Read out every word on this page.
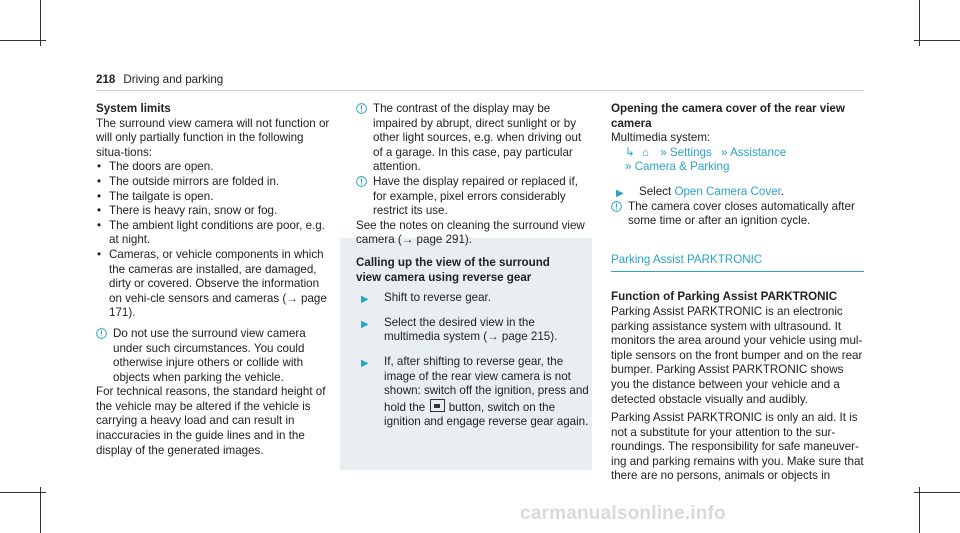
218 Driving and parking
System limits

The surround view camera will not function or will only partially function in the following situa-tions:

• The doors are open.
• The outside mirrors are folded in.
• The tailgate is open.
• There is heavy rain, snow or fog.
• The ambient light conditions are poor, e.g. at night.
• Cameras, or vehicle components in which the cameras are installed, are damaged, dirty or covered. Observe the information on vehi-cle sensors and cameras (→ page 171).

Do not use the surround view camera under such circumstances. You could otherwise injure others or collide with objects when parking the vehicle.

For technical reasons, the standard height of the vehicle may be altered if the vehicle is carrying a heavy load and can result in inaccuracies in the guide lines and in the display of the generated images.

The contrast of the display may be impaired by abrupt, direct sunlight or by other light sources, e.g. when driving out of a garage. In this case, pay particular attention.

Have the display repaired or replaced if, for example, pixel errors considerably restrict its use.

See the notes on cleaning the surround view camera (→ page 291).

Calling up the view of the surround view camera using reverse gear
▶ Shift to reverse gear.

▶ Select the desired view in the multimedia system (→ page 215).

▶ If, after shifting to reverse gear, the image of the rear view camera is not shown: switch off the ignition, press and hold the button, switch on the ignition and engage reverse gear again.

Opening the camera cover of the rear view camera

Multimedia system:

↳ ⌂ » Settings » Assistance
» Camera & Parking
▶ Select Open Camera Cover.

The camera cover closes automatically after some time or after an ignition cycle.

Parking Assist PARKTRONIC
Function of Parking Assist PARKTRONIC

Parking Assist PARKTRONIC is an electronic parking assistance system with ultrasound. It monitors the area around your vehicle using mul-tiple sensors on the front bumper and on the rear bumper. Parking Assist PARKTRONIC shows you the distance between your vehicle and a detected obstacle visually and audibly.

Parking Assist PARKTRONIC is only an aid. It is not a substitute for your attention to the sur-roundings. The responsibility for safe maneuver-ing and parking remains with you. Make sure that there are no persons, animals or objects in

carmanualsonline.info
